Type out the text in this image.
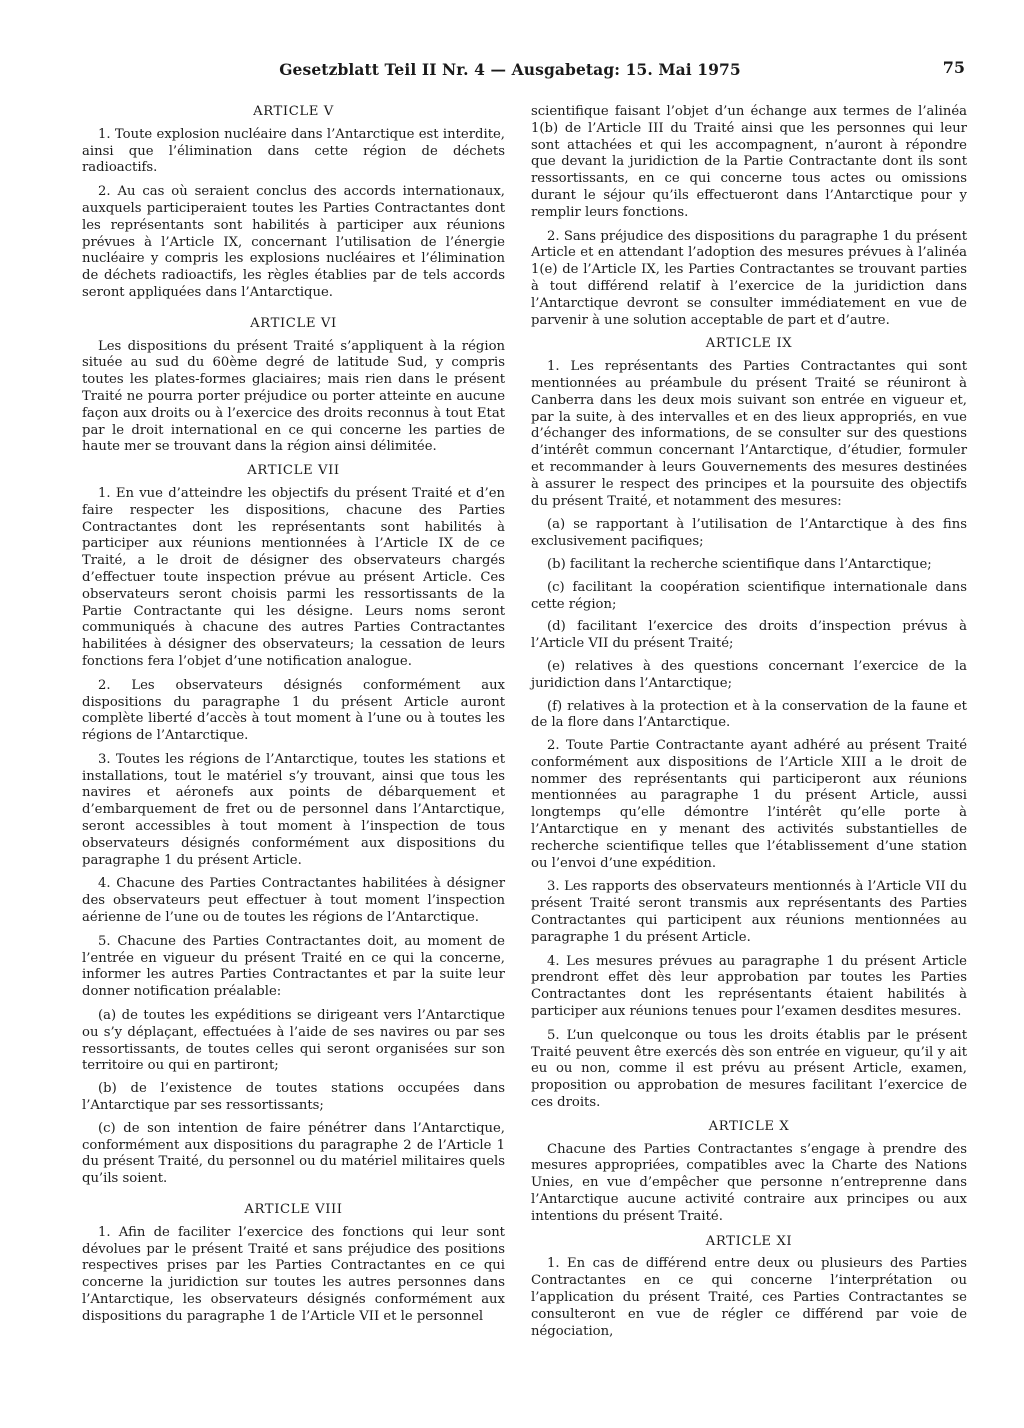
Gesetzblatt Teil II Nr. 4 — Ausgabetag: 15. Mai 1975	75
ARTICLE V

1. Toute explosion nucléaire dans l’Antarctique est interdite, ainsi que l’élimination dans cette région de déchets radioactifs.

2. Au cas où seraient conclus des accords internationaux, auxquels participeraient toutes les Parties Contractantes dont les représentants sont habilités à participer aux réunions prévues à l’Article IX, concernant l’utilisation de l’énergie nucléaire y compris les explosions nucléaires et l’élimination de déchets radioactifs, les règles établies par de tels accords seront appliquées dans l’Antarctique.

ARTICLE VI

Les dispositions du présent Traité s’appliquent à la région située au sud du 60ème degré de latitude Sud, y compris toutes les plates-formes glaciaires; mais rien dans le présent Traité ne pourra porter préjudice ou porter atteinte en aucune façon aux droits ou à l’exercice des droits reconnus à tout Etat par le droit international en ce qui concerne les parties de haute mer se trouvant dans la région ainsi délimitée.

ARTICLE VII

1. En vue d’atteindre les objectifs du présent Traité et d’en faire respecter les dispositions, chacune des Parties Contractantes dont les représentants sont habilités à participer aux réunions mentionnées à l’Article IX de ce Traité, a le droit de désigner des observateurs chargés d’effectuer toute inspection prévue au présent Article. Ces observateurs seront choisis parmi les ressortissants de la Partie Contractante qui les désigne. Leurs noms seront communiqués à chacune des autres Parties Contractantes habilitées à désigner des observateurs; la cessation de leurs fonctions fera l’objet d’une notification analogue.

2. Les observateurs désignés conformément aux dispositions du paragraphe 1 du présent Article auront complète liberté d’accès à tout moment à l’une ou à toutes les régions de l’Antarctique.

3. Toutes les régions de l’Antarctique, toutes les stations et installations, tout le matériel s’y trouvant, ainsi que tous les navires et aéronefs aux points de débarquement et d’embarquement de fret ou de personnel dans l’Antarctique, seront accessibles à tout moment à l’inspection de tous observateurs désignés conformément aux dispositions du paragraphe 1 du présent Article.

4. Chacune des Parties Contractantes habilitées à désigner des observateurs peut effectuer à tout moment l’inspection aérienne de l’une ou de toutes les régions de l’Antarctique.

5. Chacune des Parties Contractantes doit, au moment de l’entrée en vigueur du présent Traité en ce qui la concerne, informer les autres Parties Contractantes et par la suite leur donner notification préalable:

(a) de toutes les expéditions se dirigeant vers l’Antarctique ou s’y déplaçant, effectuées à l’aide de ses navires ou par ses ressortissants, de toutes celles qui seront organisées sur son territoire ou qui en partiront;

(b) de l’existence de toutes stations occupées dans l’Antarctique par ses ressortissants;

(c) de son intention de faire pénétrer dans l’Antarctique, conformément aux dispositions du paragraphe 2 de l’Article 1 du présent Traité, du personnel ou du matériel militaires quels qu’ils soient.

ARTICLE VIII

1. Afin de faciliter l’exercice des fonctions qui leur sont dévolues par le présent Traité et sans préjudice des positions respectives prises par les Parties Contractantes en ce qui concerne la juridiction sur toutes les autres personnes dans l’Antarctique, les observateurs désignés conformément aux dispositions du paragraphe 1 de l’Article VII et le personnel

scientifique faisant l’objet d’un échange aux termes de l’alinéa 1(b) de l’Article III du Traité ainsi que les personnes qui leur sont attachées et qui les accompagnent, n’auront à répondre que devant la juridiction de la Partie Contractante dont ils sont ressortissants, en ce qui concerne tous actes ou omissions durant le séjour qu’ils effectueront dans l’Antarctique pour y remplir leurs fonctions.

2. Sans préjudice des dispositions du paragraphe 1 du présent Article et en attendant l’adoption des mesures prévues à l’alinéa 1(e) de l’Article IX, les Parties Contractantes se trouvant parties à tout différend relatif à l’exercice de la juridiction dans l’Antarctique devront se consulter immédiatement en vue de parvenir à une solution acceptable de part et d’autre.

ARTICLE IX

1. Les représentants des Parties Contractantes qui sont mentionnées au préambule du présent Traité se réuniront à Canberra dans les deux mois suivant son entrée en vigueur et, par la suite, à des intervalles et en des lieux appropriés, en vue d’échanger des informations, de se consulter sur des questions d’intérêt commun concernant l’Antarctique, d’étudier, formuler et recommander à leurs Gouvernements des mesures destinées à assurer le respect des principes et la poursuite des objectifs du présent Traité, et notamment des mesures:

(a) se rapportant à l’utilisation de l’Antarctique à des fins exclusivement pacifiques;

(b) facilitant la recherche scientifique dans l’Antarctique;

(c) facilitant la coopération scientifique internationale dans cette région;

(d) facilitant l’exercice des droits d’inspection prévus à l’Article VII du présent Traité;

(e) relatives à des questions concernant l’exercice de la juridiction dans l’Antarctique;

(f) relatives à la protection et à la conservation de la faune et de la flore dans l’Antarctique.

2. Toute Partie Contractante ayant adhéré au présent Traité conformément aux dispositions de l’Article XIII a le droit de nommer des représentants qui participeront aux réunions mentionnées au paragraphe 1 du présent Article, aussi longtemps qu’elle démontre l’intérêt qu’elle porte à l’Antarctique en y menant des activités substantielles de recherche scientifique telles que l’établissement d’une station ou l’envoi d’une expédition.

3. Les rapports des observateurs mentionnés à l’Article VII du présent Traité seront transmis aux représentants des Parties Contractantes qui participent aux réunions mentionnées au paragraphe 1 du présent Article.

4. Les mesures prévues au paragraphe 1 du présent Article prendront effet dès leur approbation par toutes les Parties Contractantes dont les représentants étaient habilités à participer aux réunions tenues pour l’examen desdites mesures.

5. L’un quelconque ou tous les droits établis par le présent Traité peuvent être exercés dès son entrée en vigueur, qu’il y ait eu ou non, comme il est prévu au présent Article, examen, proposition ou approbation de mesures facilitant l’exercice de ces droits.

ARTICLE X

Chacune des Parties Contractantes s’engage à prendre des mesures appropriées, compatibles avec la Charte des Nations Unies, en vue d’empêcher que personne n’entreprenne dans l’Antarctique aucune activité contraire aux principes ou aux intentions du présent Traité.

ARTICLE XI

1. En cas de différend entre deux ou plusieurs des Parties Contractantes en ce qui concerne l’interprétation ou l’application du présent Traité, ces Parties Contractantes se consulteront en vue de régler ce différend par voie de négociation,
